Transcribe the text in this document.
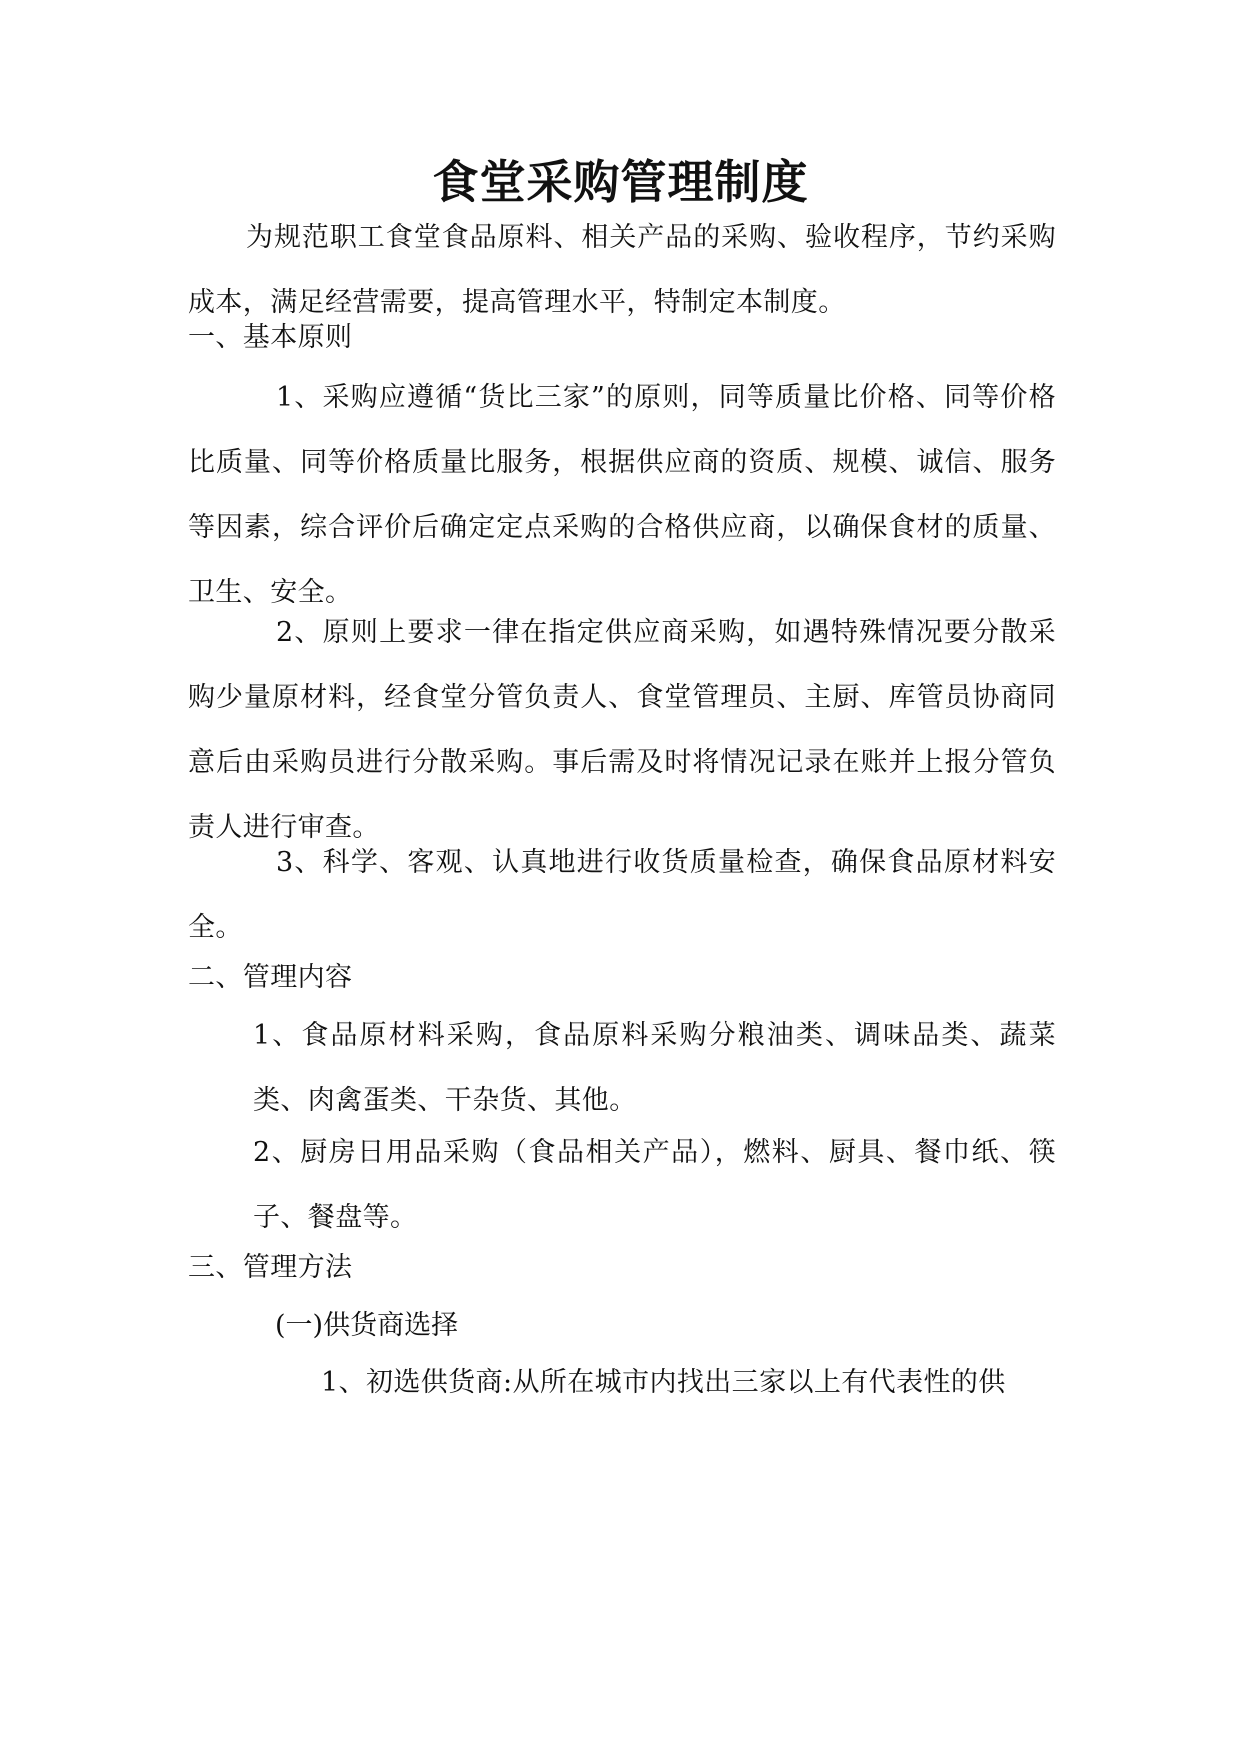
食堂采购管理制度

为规范职工食堂食品原料、相关产品的采购、验收程序，节约采购成本，满足经营需要，提高管理水平，特制定本制度。

一、基本原则

1、采购应遵循“货比三家”的原则，同等质量比价格、同等价格比质量、同等价格质量比服务，根据供应商的资质、规模、诚信、服务等因素，综合评价后确定定点采购的合格供应商，以确保食材的质量、卫生、安全。

2、原则上要求一律在指定供应商采购，如遇特殊情况要分散采购少量原材料，经食堂分管负责人、食堂管理员、主厨、库管员协商同意后由采购员进行分散采购。事后需及时将情况记录在账并上报分管负责人进行审查。

3、科学、客观、认真地进行收货质量检查，确保食品原材料安全。

二、管理内容

1、食品原材料采购，食品原料采购分粮油类、调味品类、蔬菜类、肉禽蛋类、干杂货、其他。

2、厨房日用品采购（食品相关产品），燃料、厨具、餐巾纸、筷子、餐盘等。

三、管理方法

(一)供货商选择

1、初选供货商:从所在城市内找出三家以上有代表性的供
